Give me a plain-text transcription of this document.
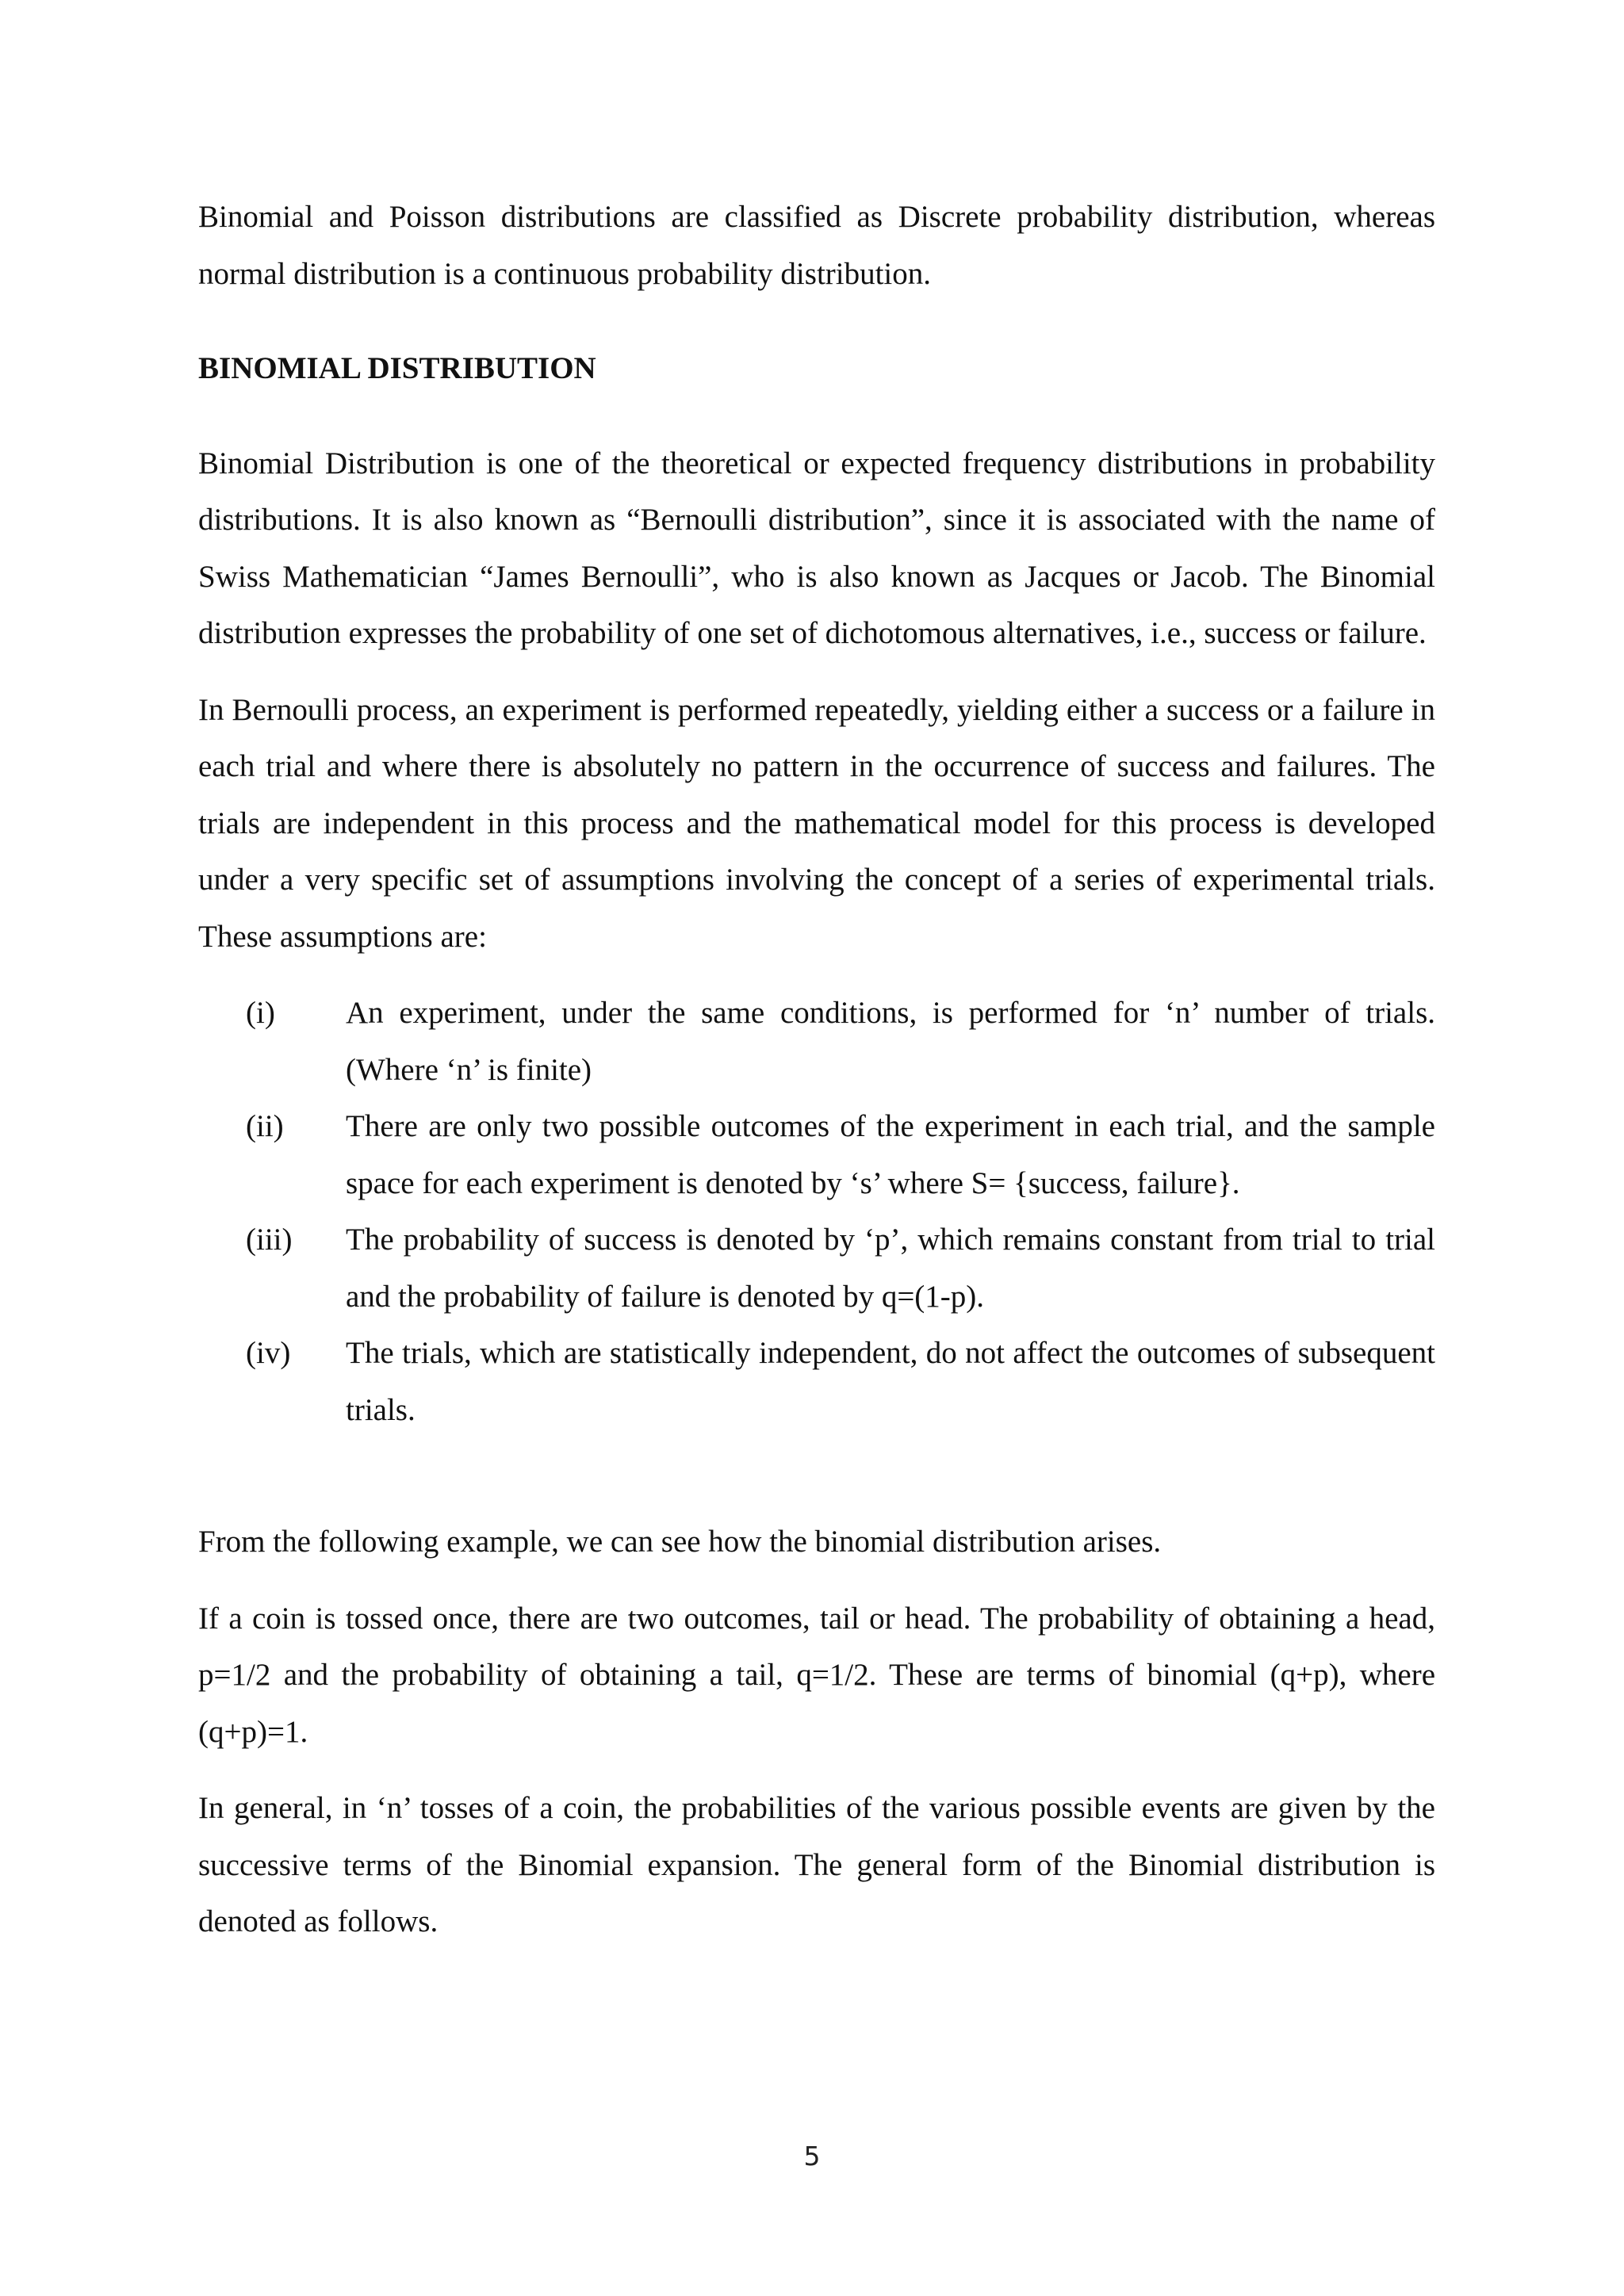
Binomial and Poisson distributions are classified as Discrete probability distribution, whereas normal distribution is a continuous probability distribution.

BINOMIAL DISTRIBUTION

Binomial Distribution is one of the theoretical or expected frequency distributions in probability distributions. It is also known as “Bernoulli distribution”, since it is associated with the name of Swiss Mathematician “James Bernoulli”, who is also known as Jacques or Jacob. The Binomial distribution expresses the probability of one set of dichotomous alternatives, i.e., success or failure.

In Bernoulli process, an experiment is performed repeatedly, yielding either a success or a failure in each trial and where there is absolutely no pattern in the occurrence of success and failures. The trials are independent in this process and the mathematical model for this process is developed under a very specific set of assumptions involving the concept of a series of experimental trials. These assumptions are:

(i)	An experiment, under the same conditions, is performed for ‘n’ number of trials. (Where ‘n’ is finite)
(ii)	There are only two possible outcomes of the experiment in each trial, and the sample space for each experiment is denoted by ‘s’ where S= {success, failure}.
(iii)	The probability of success is denoted by ‘p’, which remains constant from trial to trial and the probability of failure is denoted by q=(1-p).
(iv)	The trials, which are statistically independent, do not affect the outcomes of subsequent trials.

From the following example, we can see how the binomial distribution arises.

If a coin is tossed once, there are two outcomes, tail or head. The probability of obtaining a head, p=1/2 and the probability of obtaining a tail, q=1/2. These are terms of binomial (q+p), where (q+p)=1.

In general, in ‘n’ tosses of a coin, the probabilities of the various possible events are given by the successive terms of the Binomial expansion. The general form of the Binomial distribution is denoted as follows.

5
